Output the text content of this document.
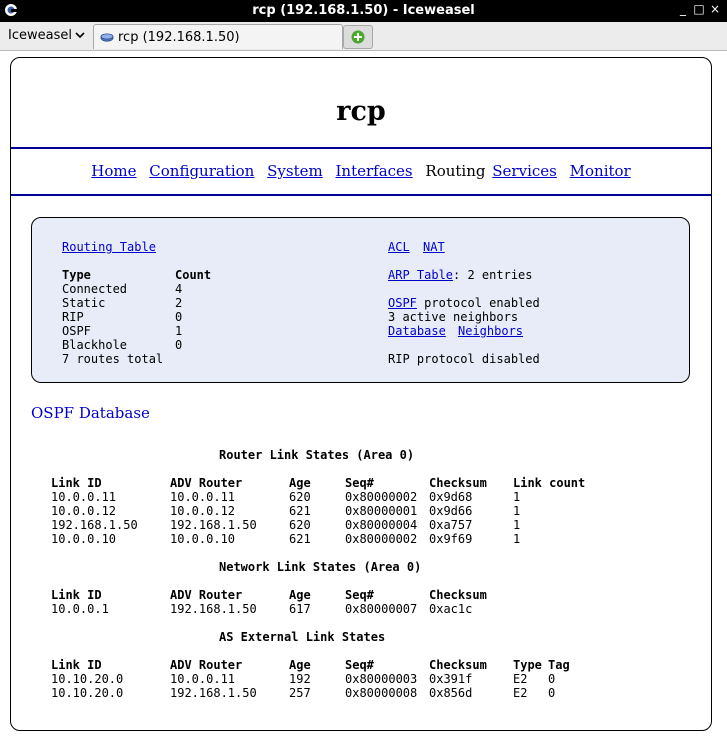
rcp (192.168.1.50) - Iceweasel	_ □ ×
Iceweasel	rcp (192.168.1.50)
rcp
Home Configuration System Interfaces Routing Services Monitor
Routing Table
Type	Count
Connected	4
Static	2
RIP	0
OSPF	1
Blackhole	0
7 routes total
ACL NAT
ARP Table: 2 entries
OSPF protocol enabled
3 active neighbors
Database Neighbors
RIP protocol disabled
OSPF Database
Router Link States (Area 0)
Link ID	ADV Router	Age	Seq#	Checksum Link count
10.0.0.11	10.0.0.11	620	0x80000002 0x9d68	1
10.0.0.12	10.0.0.12	621	0x80000001 0x9d66	1
192.168.1.50	192.168.1.50	620	0x80000004 0xa757	1
10.0.0.10	10.0.0.10	621	0x80000002 0x9f69	1
Network Link States (Area 0)
Link ID	ADV Router	Age	Seq#	Checksum
10.0.0.1	192.168.1.50	617	0x80000007 0xac1c
AS External Link States
Link ID	ADV Router	Age	Seq#	Checksum Type Tag
10.10.20.0	10.0.0.11	192	0x80000003 0x391f	E2 0
10.10.20.0	192.168.1.50	257	0x80000008 0x856d	E2 0
